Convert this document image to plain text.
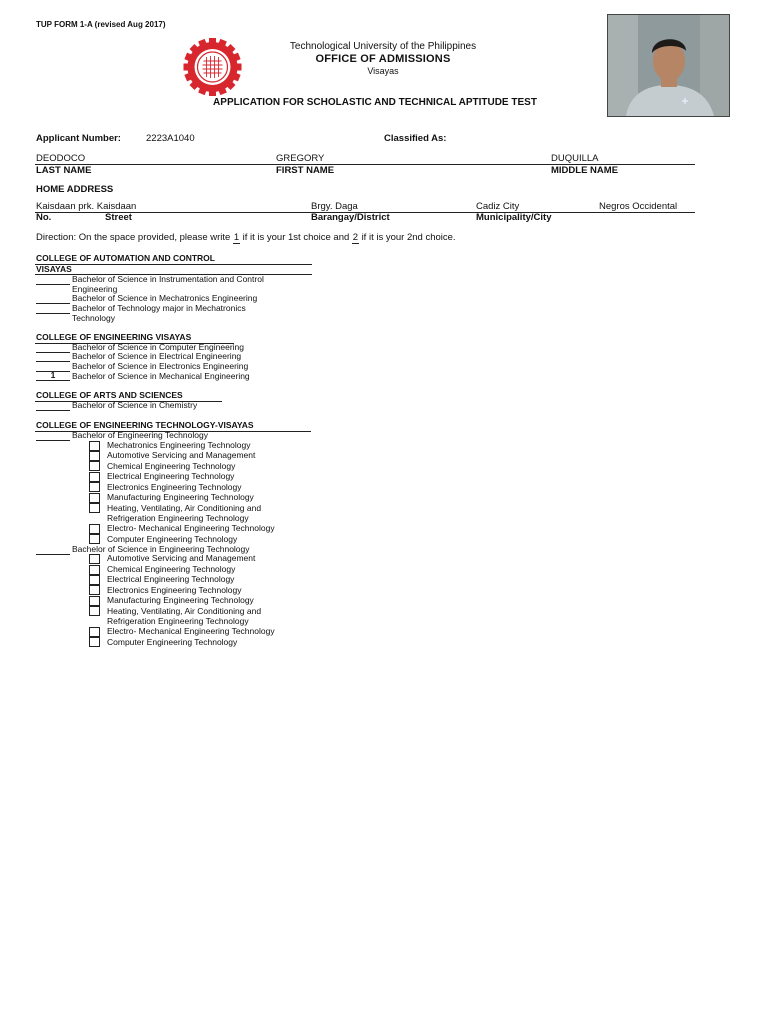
TUP FORM 1-A (revised Aug 2017)
Technological University of the Philippines
OFFICE OF ADMISSIONS
Visayas
APPLICATION FOR SCHOLASTIC AND TECHNICAL APTITUDE TEST
Applicant Number:	2223A1040	Classified As:
DEODOCO	GREGORY	DUQUILLA
LAST NAME	FIRST NAME	MIDDLE NAME
HOME ADDRESS
Kaisdaan prk. Kaisdaan	Brgy. Daga	Cadiz City	Negros Occidental
No.	Street	Barangay/District	Municipality/City
Direction: On the space provided, please write 1 if it is your 1st choice and 2 if it is your 2nd choice.
COLLEGE OF AUTOMATION AND CONTROL
VISAYAS
Bachelor of Science in Instrumentation and Control
Engineering
Bachelor of Science in Mechatronics Engineering
Bachelor of Technology major in Mechatronics
Technology
COLLEGE OF ENGINEERING VISAYAS
Bachelor of Science in Computer Engineering
Bachelor of Science in Electrical Engineering
Bachelor of Science in Electronics Engineering
1	Bachelor of Science in Mechanical Engineering
COLLEGE OF ARTS AND SCIENCES
Bachelor of Science in Chemistry
COLLEGE OF ENGINEERING TECHNOLOGY-VISAYAS
Bachelor of Engineering Technology
Mechatronics Engineering Technology
Automotive Servicing and Management
Chemical Engineering Technology
Electrical Engineering Technology
Electronics Engineering Technology
Manufacturing Engineering Technology
Heating, Ventilating, Air Conditioning and
Refrigeration Engineering Technology
Electro- Mechanical Engineering Technology
Computer Engineering Technology
Bachelor of Science in Engineering Technology
Automotive Servicing and Management
Chemical Engineering Technology
Electrical Engineering Technology
Electronics Engineering Technology
Manufacturing Engineering Technology
Heating, Ventilating, Air Conditioning and
Refrigeration Engineering Technology
Electro- Mechanical Engineering Technology
Computer Engineering Technology
